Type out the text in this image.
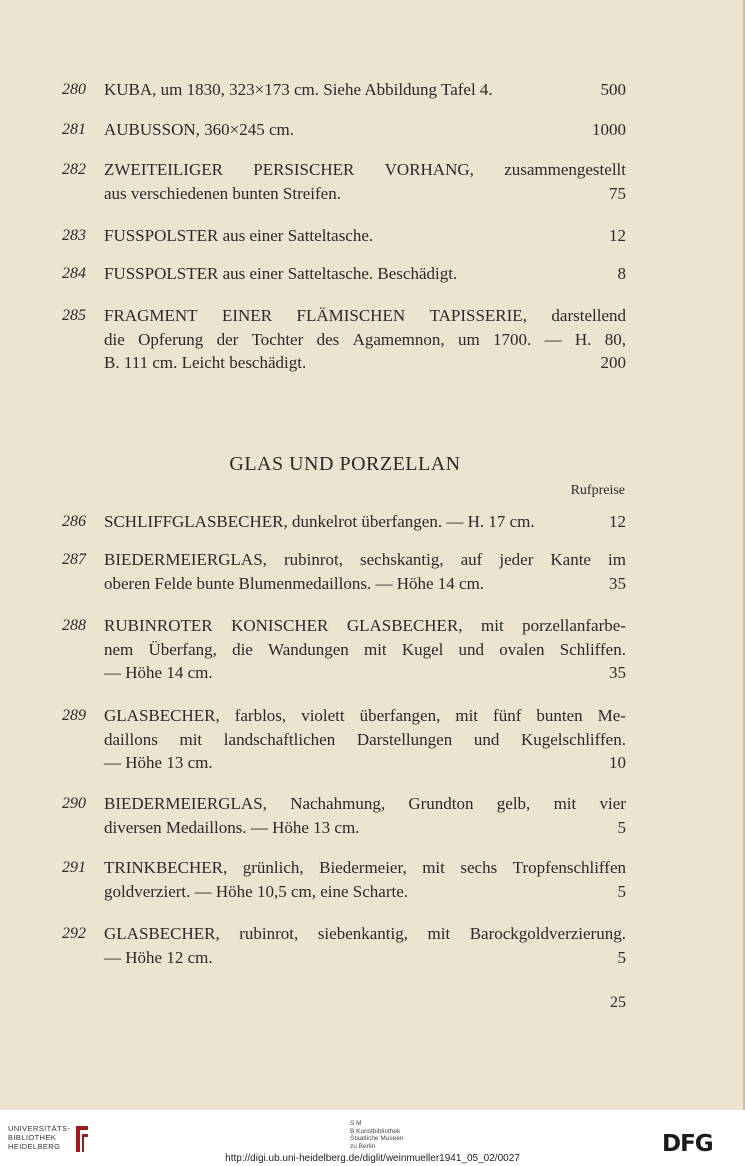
280 KUBA, um 1830, 323×173 cm. Siehe Abbildung Tafel 4.	500
281 AUBUSSON, 360×245 cm.	1000
282 ZWEITEILIGER PERSISCHER VORHANG, zusammengestellt
aus verschiedenen bunten Streifen.	75
283 FUSSPOLSTER aus einer Satteltasche.	12
284 FUSSPOLSTER aus einer Satteltasche. Beschädigt.	8
285 FRAGMENT EINER FLÄMISCHEN TAPISSERIE, darstellend
die Opferung der Tochter des Agamemnon, um 1700. — H. 80,
B. 111 cm. Leicht beschädigt.	200
GLAS UND PORZELLAN
Rufpreise
286 SCHLIFFGLASBECHER, dunkelrot überfangen. — H. 17 cm.	12
287 BIEDERMEIERGLAS, rubinrot, sechskantig, auf jeder Kante im
oberen Felde bunte Blumenmedaillons. — Höhe 14 cm.	35
288 RUBINROTER KONISCHER GLASBECHER, mit porzellanfarbe-
nem Überfang, die Wandungen mit Kugel und ovalen Schliffen.
— Höhe 14 cm.	35
289 GLASBECHER, farblos, violett überfangen, mit fünf bunten Me-
daillons mit landschaftlichen Darstellungen und Kugelschliffen.
— Höhe 13 cm.	10
290 BIEDERMEIERGLAS, Nachahmung, Grundton gelb, mit vier
diversen Medaillons. — Höhe 13 cm.	5
291 TRINKBECHER, grünlich, Biedermeier, mit sechs Tropfenschliffen
goldverziert. — Höhe 10,5 cm, eine Scharte.	5
292 GLASBECHER, rubinrot, siebenkantig, mit Barockgoldverzierung.
— Höhe 12 cm.	5
25
UNIVERSITÄTS-
BIBLIOTHEK
HEIDELBERG
S M
B Kunstbibliothek
Staatliche Museen
zu Berlin	DFG
http://digi.ub.uni-heidelberg.de/diglit/weinmueller1941_05_02/0027
